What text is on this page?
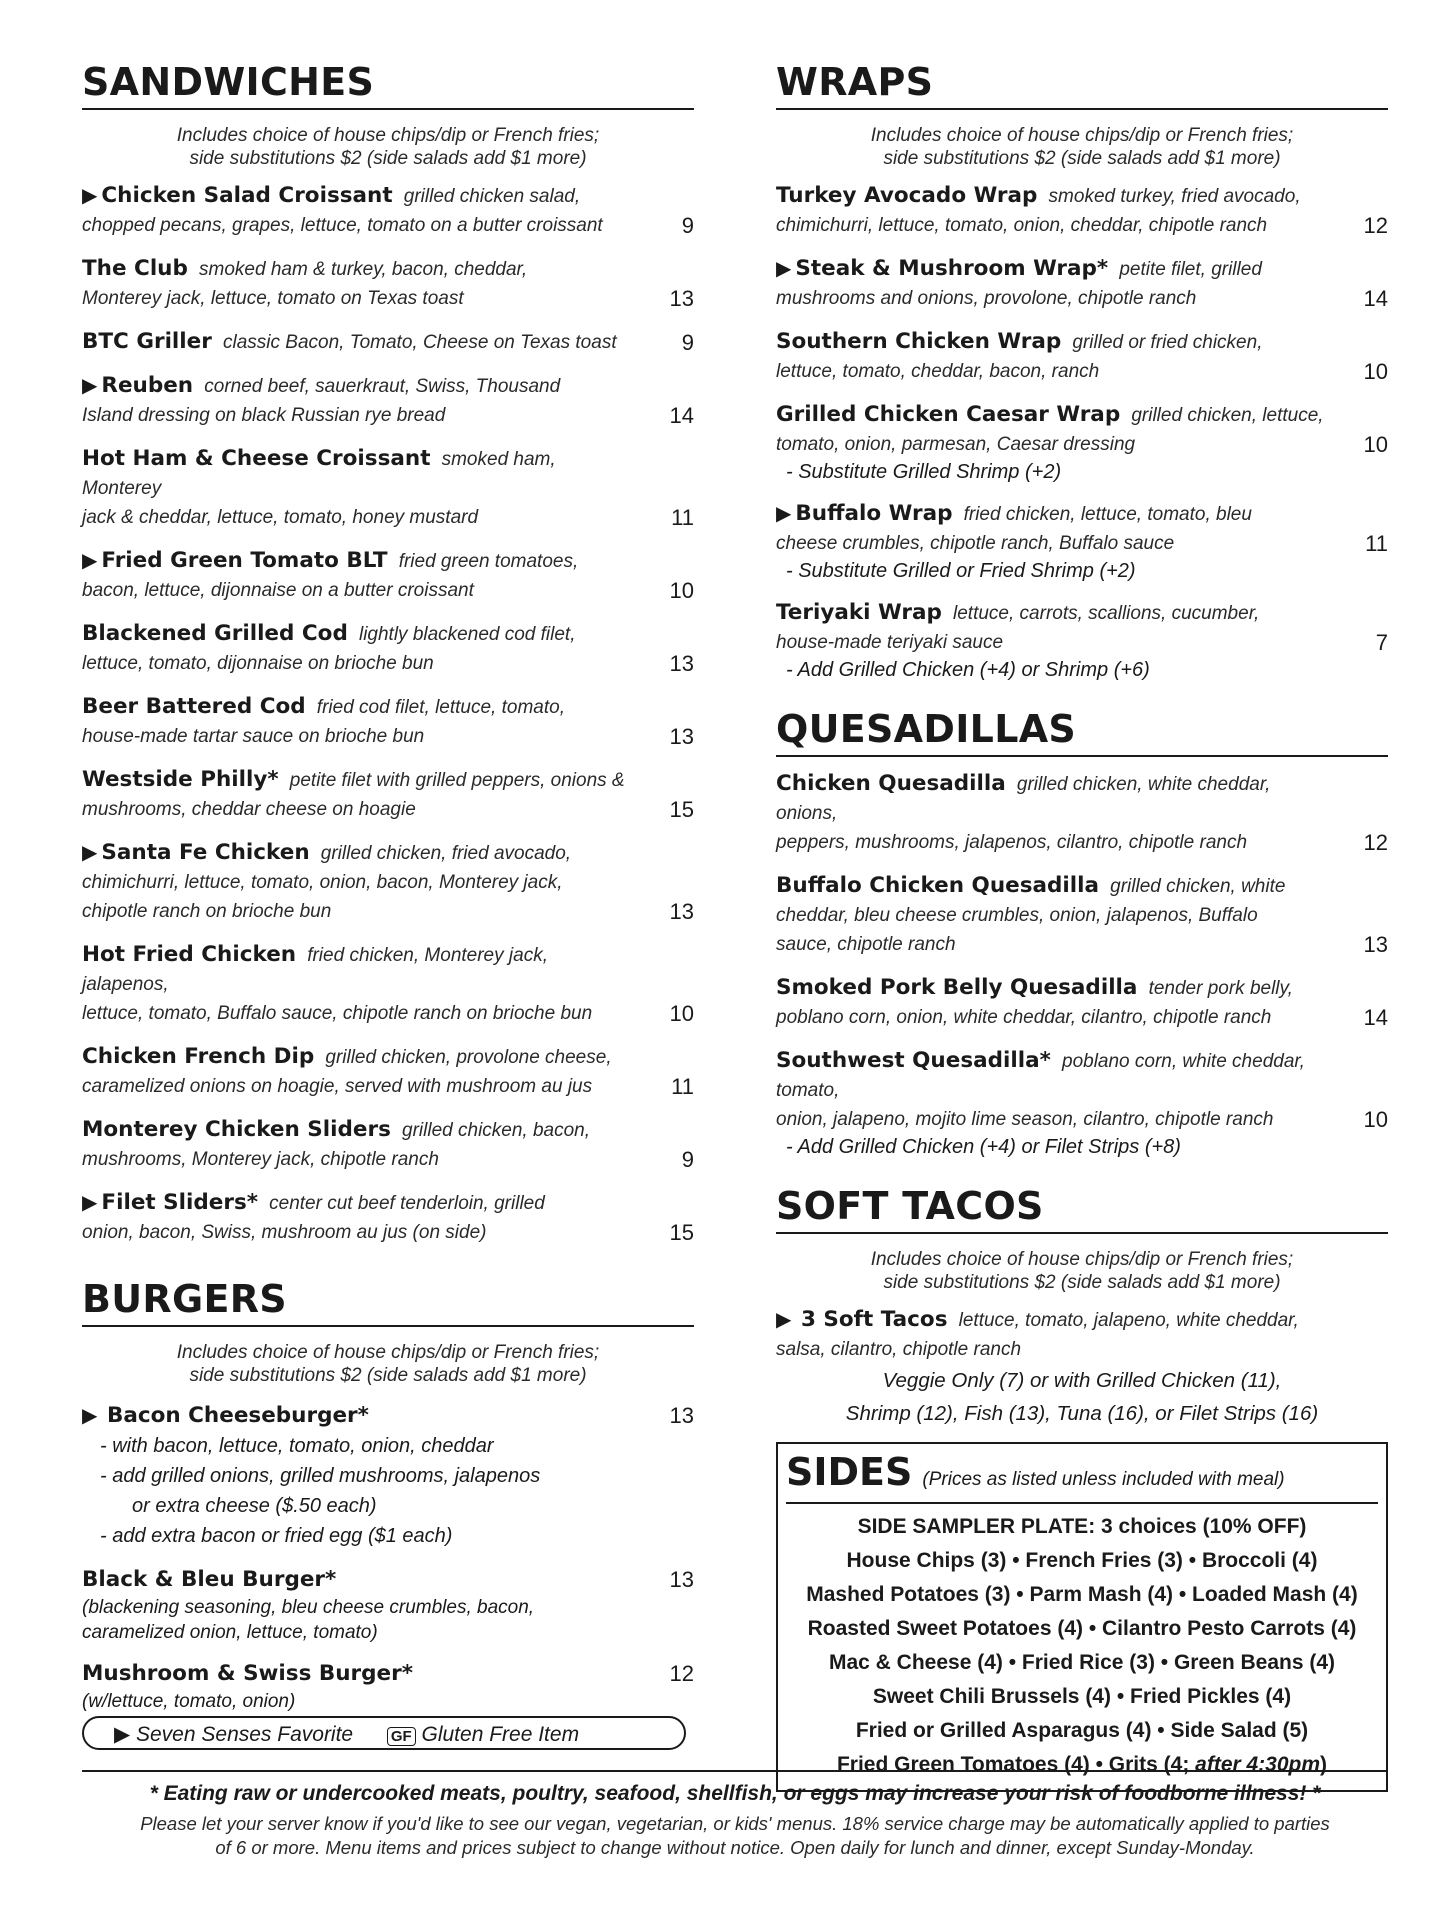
SANDWICHES
Includes choice of house chips/dip or French fries;
side substitutions $2 (side salads add $1 more)
▶ Chicken Salad Croissant grilled chicken salad,
chopped pecans, grapes, lettuce, tomato on a butter croissant	9
The Club smoked ham & turkey, bacon, cheddar,
Monterey jack, lettuce, tomato on Texas toast	13
BTC Griller classic Bacon, Tomato, Cheese on Texas toast	9
▶ Reuben corned beef, sauerkraut, Swiss, Thousand
Island dressing on black Russian rye bread	14
Hot Ham & Cheese Croissant smoked ham, Monterey
jack & cheddar, lettuce, tomato, honey mustard	11
▶ Fried Green Tomato BLT fried green tomatoes,
bacon, lettuce, dijonnaise on a butter croissant	10
Blackened Grilled Cod lightly blackened cod filet,
lettuce, tomato, dijonnaise on brioche bun	13
Beer Battered Cod fried cod filet, lettuce, tomato,
house-made tartar sauce on brioche bun	13
Westside Philly* petite filet with grilled peppers, onions &
mushrooms, cheddar cheese on hoagie	15
▶ Santa Fe Chicken grilled chicken, fried avocado,
chimichurri, lettuce, tomato, onion, bacon, Monterey jack,
chipotle ranch on brioche bun	13
Hot Fried Chicken fried chicken, Monterey jack, jalapenos,
lettuce, tomato, Buffalo sauce, chipotle ranch on brioche bun	10
Chicken French Dip grilled chicken, provolone cheese,
caramelized onions on hoagie, served with mushroom au jus	11
Monterey Chicken Sliders grilled chicken, bacon,
mushrooms, Monterey jack, chipotle ranch	9
▶ Filet Sliders* center cut beef tenderloin, grilled
onion, bacon, Swiss, mushroom au jus (on side)	15
BURGERS
Includes choice of house chips/dip or French fries;
side substitutions $2 (side salads add $1 more)
▶ Bacon Cheeseburger*	13
- with bacon, lettuce, tomato, onion, cheddar
- add grilled onions, grilled mushrooms, jalapenos
or extra cheese ($.50 each)
- add extra bacon or fried egg ($1 each)
Black & Bleu Burger*	13
(blackening seasoning, bleu cheese crumbles, bacon,
caramelized onion, lettuce, tomato)
Mushroom & Swiss Burger*	12
(w/lettuce, tomato, onion)
▶ Seven Senses Favorite	GF Gluten Free Item
WRAPS
Includes choice of house chips/dip or French fries;
side substitutions $2 (side salads add $1 more)
Turkey Avocado Wrap smoked turkey, fried avocado,
chimichurri, lettuce, tomato, onion, cheddar, chipotle ranch	12
▶ Steak & Mushroom Wrap* petite filet, grilled
mushrooms and onions, provolone, chipotle ranch	14
Southern Chicken Wrap grilled or fried chicken,
lettuce, tomato, cheddar, bacon, ranch	10
Grilled Chicken Caesar Wrap grilled chicken, lettuce,
tomato, onion, parmesan, Caesar dressing	10
- Substitute Grilled Shrimp (+2)
▶ Buffalo Wrap fried chicken, lettuce, tomato, bleu
cheese crumbles, chipotle ranch, Buffalo sauce	11
- Substitute Grilled or Fried Shrimp (+2)
Teriyaki Wrap lettuce, carrots, scallions, cucumber,
house-made teriyaki sauce	7
- Add Grilled Chicken (+4) or Shrimp (+6)
QUESADILLAS
Chicken Quesadilla grilled chicken, white cheddar, onions,
peppers, mushrooms, jalapenos, cilantro, chipotle ranch	12
Buffalo Chicken Quesadilla grilled chicken, white
cheddar, bleu cheese crumbles, onion, jalapenos, Buffalo
sauce, chipotle ranch	13
Smoked Pork Belly Quesadilla tender pork belly,
poblano corn, onion, white cheddar, cilantro, chipotle ranch	14
Southwest Quesadilla* poblano corn, white cheddar, tomato,
onion, jalapeno, mojito lime season, cilantro, chipotle ranch	10
- Add Grilled Chicken (+4) or Filet Strips (+8)
SOFT TACOS
Includes choice of house chips/dip or French fries;
side substitutions $2 (side salads add $1 more)
▶ 3 Soft Tacos lettuce, tomato, jalapeno, white cheddar,
salsa, cilantro, chipotle ranch
Veggie Only (7) or with Grilled Chicken (11),
Shrimp (12), Fish (13), Tuna (16), or Filet Strips (16)
SIDES (Prices as listed unless included with meal)
SIDE SAMPLER PLATE: 3 choices (10% OFF)
House Chips (3) • French Fries (3) • Broccoli (4)
Mashed Potatoes (3) • Parm Mash (4) • Loaded Mash (4)
Roasted Sweet Potatoes (4) • Cilantro Pesto Carrots (4)
Mac & Cheese (4) • Fried Rice (3) • Green Beans (4)
Sweet Chili Brussels (4) • Fried Pickles (4)
Fried or Grilled Asparagus (4) • Side Salad (5)
Fried Green Tomatoes (4) • Grits (4; after 4:30pm)
* Eating raw or undercooked meats, poultry, seafood, shellfish, or eggs may increase your risk of foodborne illness! *
Please let your server know if you'd like to see our vegan, vegetarian, or kids' menus. 18% service charge may be automatically applied to parties
of 6 or more. Menu items and prices subject to change without notice. Open daily for lunch and dinner, except Sunday-Monday.
